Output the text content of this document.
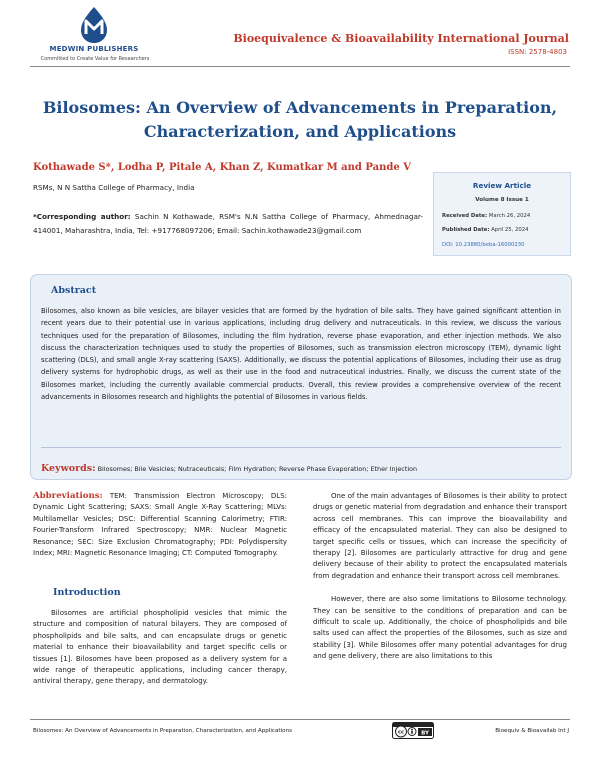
MEDWIN PUBLISHERS
Committed to Create Value for Researchers
Bioequivalence & Bioavailability International Journal
ISSN: 2578-4803
Bilosomes: An Overview of Advancements in Preparation,
Characterization, and Applications
Kothawade S*, Lodha P, Pitale A, Khan Z, Kumatkar M and Pande V
RSMs, N N Sattha College of Pharmacy, India
*Corresponding author: Sachin N Kothawade, RSM's N.N Sattha College of Pharmacy, Ahmednagar-414001, Maharashtra, India, Tel: +917768097206; Email: Sachin.kothawade23@gmail.com
Review Article
Volume 8 Issue 1
Received Date: March 26, 2024
Published Date: April 25, 2024
DOI: 10.23880/beba-16000230
Abstract
Bilosomes, also known as bile vesicles, are bilayer vesicles that are formed by the hydration of bile salts. They have gained significant attention in recent years due to their potential use in various applications, including drug delivery and nutraceuticals. In this review, we discuss the various techniques used for the preparation of Bilosomes, including the film hydration, reverse phase evaporation, and ether injection methods. We also discuss the characterization techniques used to study the properties of Bilosomes, such as transmission electron microscopy (TEM), dynamic light scattering (DLS), and small angle X-ray scattering (SAXS). Additionally, we discuss the potential applications of Bilosomes, including their use as drug delivery systems for hydrophobic drugs, as well as their use in the food and nutraceutical industries. Finally, we discuss the current state of the Bilosomes market, including the currently available commercial products. Overall, this review provides a comprehensive overview of the recent advancements in Bilosomes research and highlights the potential of Bilosomes in various fields.
Keywords: Bilosomes; Bile Vesicles; Nutraceuticals; Film Hydration; Reverse Phase Evaporation; Ether Injection
Abbreviations: TEM: Transmission Electron Microscopy; DLS: Dynamic Light Scattering; SAXS: Small Angle X-Ray Scattering; MLVs: Multilamellar Vesicles; DSC: Differential Scanning Calorimetry; FTIR: Fourier-Transform Infrared Spectroscopy; NMR: Nuclear Magnetic Resonance; SEC: Size Exclusion Chromatography; PDI: Polydispersity Index; MRI: Magnetic Resonance Imaging; CT: Computed Tomography.
Introduction
Bilosomes are artificial phospholipid vesicles that mimic the structure and composition of natural bilayers. They are composed of phospholipids and bile salts, and can encapsulate drugs or genetic material to enhance their bioavailability and target specific cells or tissues [1]. Bilosomes have been proposed as a delivery system for a wide range of therapeutic applications, including cancer therapy, antiviral therapy, gene therapy, and dermatology.

One of the main advantages of Bilosomes is their ability to protect drugs or genetic material from degradation and enhance their transport across cell membranes. This can improve the bioavailability and efficacy of the encapsulated material. They can also be designed to target specific cells or tissues, which can increase the specificity of therapy [2]. Bilosomes are particularly attractive for drug and gene delivery because of their ability to protect the encapsulated materials from degradation and enhance their transport across cell membranes.

However, there are also some limitations to Bilosome technology. They can be sensitive to the conditions of preparation and can be difficult to scale up. Additionally, the choice of phospholipids and bile salts used can affect the properties of the Bilosomes, such as size and stability [3]. While Bilosomes offer many potential advantages for drug and gene delivery, there are also limitations to this

Bilosomes: An Overview of Advancements in Preparation, Characterization, and Applications	cc	BY	Bioequiv & Bioavailab Int J
